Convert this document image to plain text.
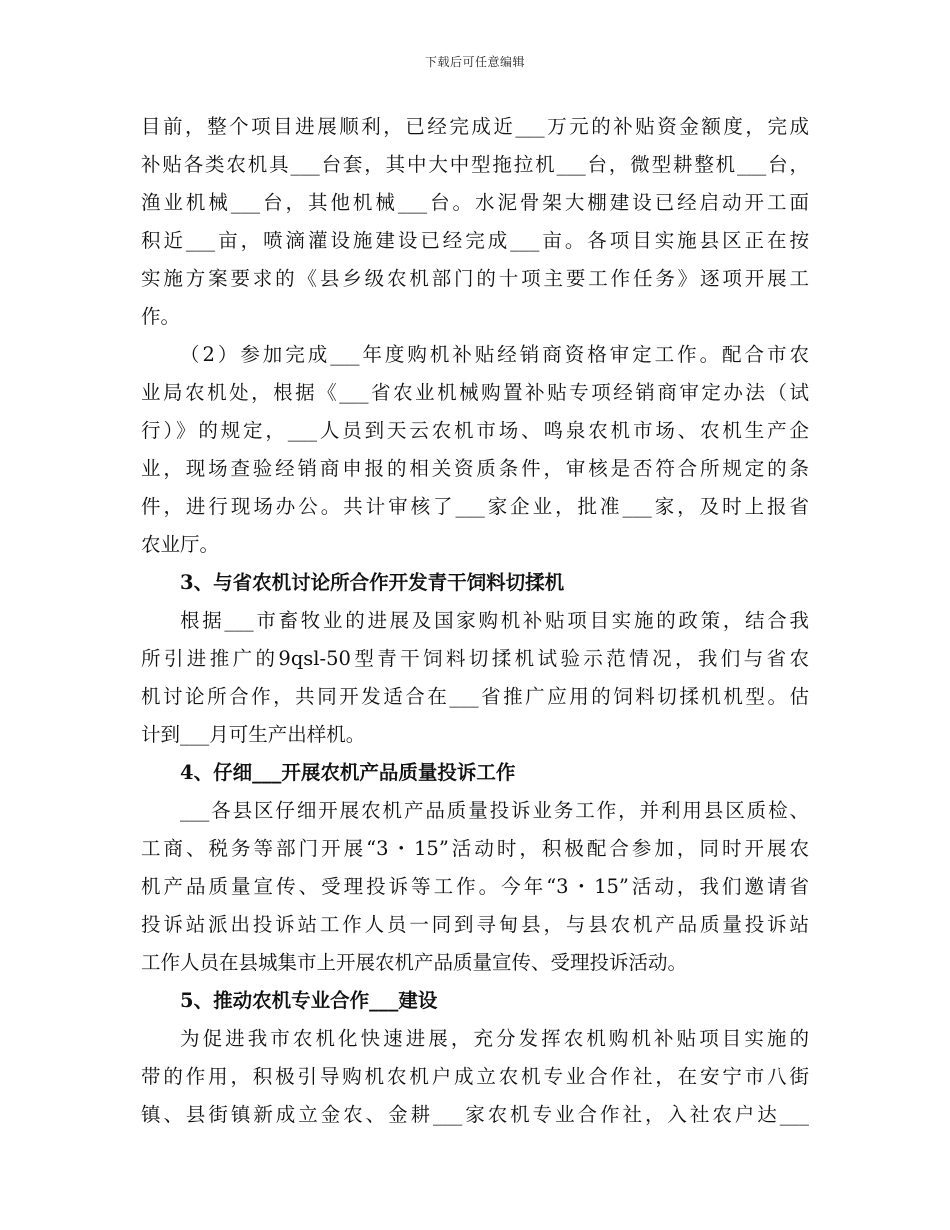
下载后可任意编辑
目前，整个项目进展顺利，已经完成近___万元的补贴资金额度，完成
补贴各类农机具___台套，其中大中型拖拉机___台，微型耕整机___台，
渔业机械___台，其他机械___台。水泥骨架大棚建设已经启动开工面
积近___亩，喷滴灌设施建设已经完成___亩。各项目实施县区正在按
实施方案要求的《县乡级农机部门的十项主要工作任务》逐项开展工
作。
（2）参加完成___年度购机补贴经销商资格审定工作。配合市农
业局农机处，根据《___省农业机械购置补贴专项经销商审定办法（试
行）》的规定，___人员到天云农机市场、鸣泉农机市场、农机生产企
业，现场查验经销商申报的相关资质条件，审核是否符合所规定的条
件，进行现场办公。共计审核了___家企业，批准___家，及时上报省
农业厅。
3、与省农机讨论所合作开发青干饲料切揉机
根据___市畜牧业的进展及国家购机补贴项目实施的政策，结合我
所引进推广的9qsl-50型青干饲料切揉机试验示范情况，我们与省农
机讨论所合作，共同开发适合在___省推广应用的饲料切揉机机型。估
计到___月可生产出样机。
4、仔细___开展农机产品质量投诉工作
___各县区仔细开展农机产品质量投诉业务工作，并利用县区质检、
工商、税务等部门开展“3・15”活动时，积极配合参加，同时开展农
机产品质量宣传、受理投诉等工作。今年“3・15”活动，我们邀请省
投诉站派出投诉站工作人员一同到寻甸县，与县农机产品质量投诉站
工作人员在县城集市上开展农机产品质量宣传、受理投诉活动。
5、推动农机专业合作___建设
为促进我市农机化快速进展，充分发挥农机购机补贴项目实施的
带的作用，积极引导购机农机户成立农机专业合作社，在安宁市八街
镇、县街镇新成立金农、金耕___家农机专业合作社，入社农户达___
